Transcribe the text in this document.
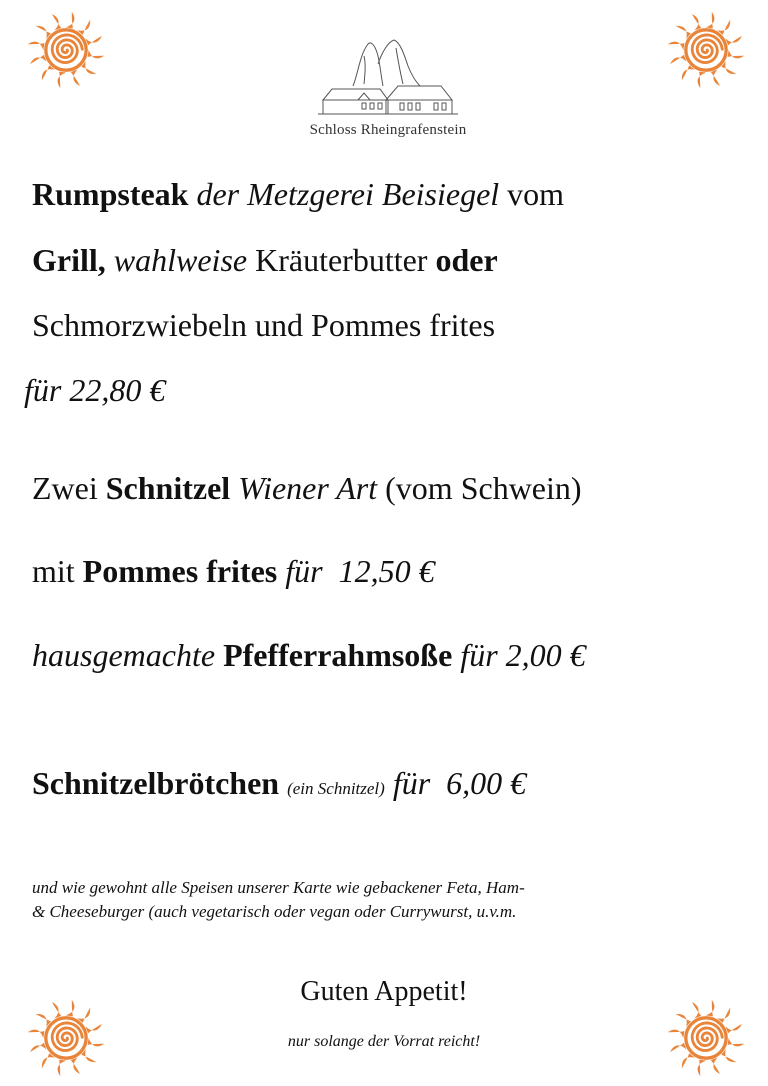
Schloss Rheingrafenstein
Rumpsteak der Metzgerei Beisiegel vom
Grill, wahlweise Kräuterbutter oder
Schmorzwiebeln und Pommes frites
für 22,80 €
Zwei Schnitzel Wiener Art (vom Schwein)
mit Pommes frites für  12,50 €
hausgemachte Pfefferrahmsoße für 2,00 €
Schnitzelbrötchen (ein Schnitzel) für  6,00 €
und wie gewohnt alle Speisen unserer Karte wie gebackener Feta, Ham-
& Cheeseburger (auch vegetarisch oder vegan oder Currywurst, u.v.m.
Guten Appetit!
nur solange der Vorrat reicht!
